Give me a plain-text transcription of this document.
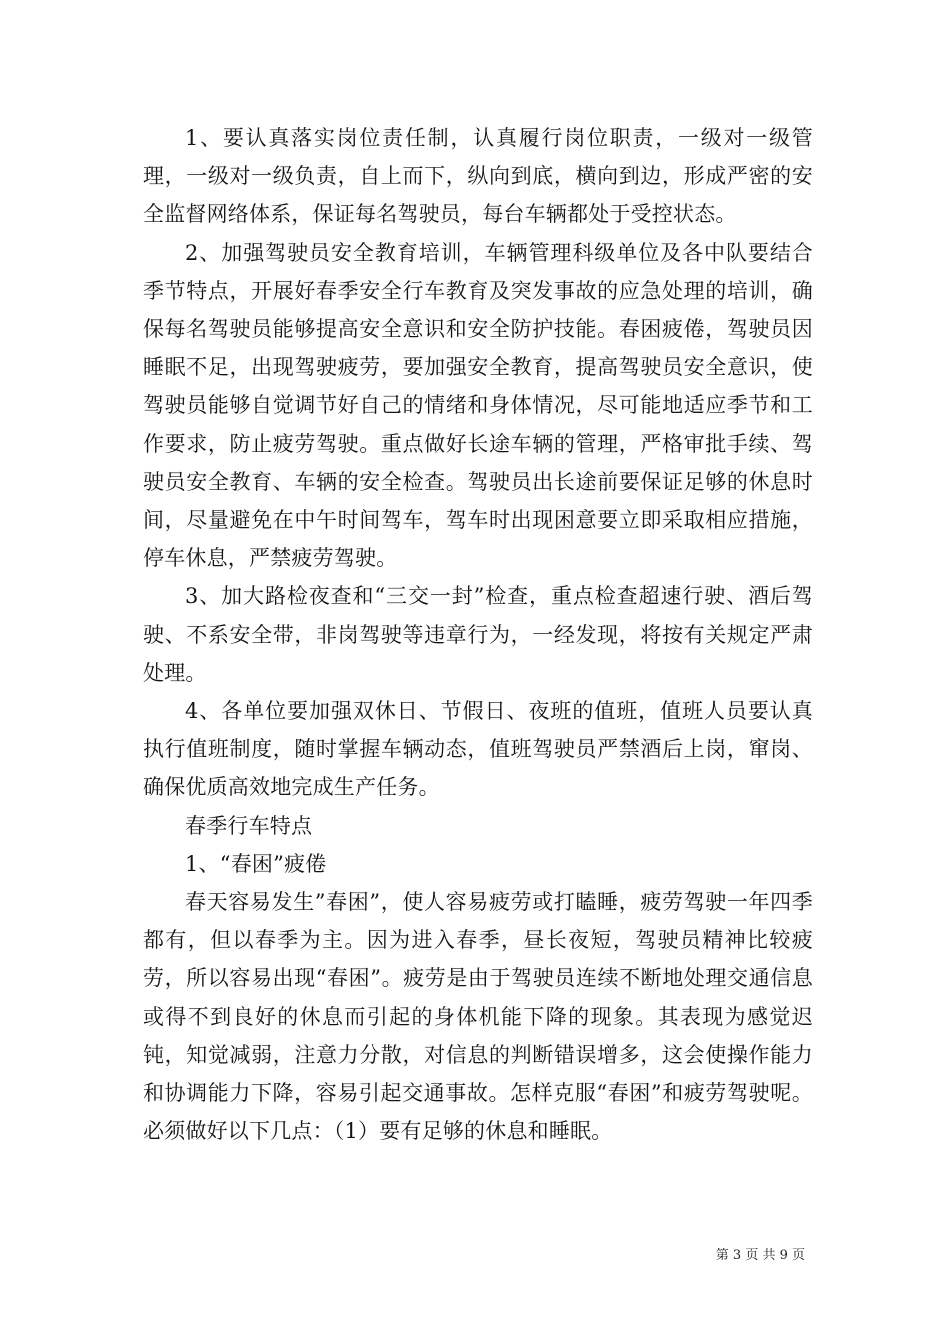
1、要认真落实岗位责任制，认真履行岗位职责，一级对一级管理，一级对一级负责，自上而下，纵向到底，横向到边，形成严密的安全监督网络体系，保证每名驾驶员，每台车辆都处于受控状态。

2、加强驾驶员安全教育培训，车辆管理科级单位及各中队要结合季节特点，开展好春季安全行车教育及突发事故的应急处理的培训，确保每名驾驶员能够提高安全意识和安全防护技能。春困疲倦，驾驶员因睡眠不足，出现驾驶疲劳，要加强安全教育，提高驾驶员安全意识，使驾驶员能够自觉调节好自己的情绪和身体情况，尽可能地适应季节和工作要求，防止疲劳驾驶。重点做好长途车辆的管理，严格审批手续、驾驶员安全教育、车辆的安全检查。驾驶员出长途前要保证足够的休息时间，尽量避免在中午时间驾车，驾车时出现困意要立即采取相应措施，停车休息，严禁疲劳驾驶。

3、加大路检夜查和“三交一封”检查，重点检查超速行驶、酒后驾驶、不系安全带，非岗驾驶等违章行为，一经发现，将按有关规定严肃处理。

4、各单位要加强双休日、节假日、夜班的值班，值班人员要认真执行值班制度，随时掌握车辆动态，值班驾驶员严禁酒后上岗，窜岗、确保优质高效地完成生产任务。

春季行车特点

1、“春困”疲倦

春天容易发生”春困”，使人容易疲劳或打瞌睡，疲劳驾驶一年四季都有，但以春季为主。因为进入春季，昼长夜短，驾驶员精神比较疲劳，所以容易出现“春困”。疲劳是由于驾驶员连续不断地处理交通信息或得不到良好的休息而引起的身体机能下降的现象。其表现为感觉迟钝，知觉减弱，注意力分散，对信息的判断错误增多，这会使操作能力和协调能力下降，容易引起交通事故。怎样克服“春困”和疲劳驾驶呢。必须做好以下几点：（1）要有足够的休息和睡眠。

第 3 页 共 9 页
